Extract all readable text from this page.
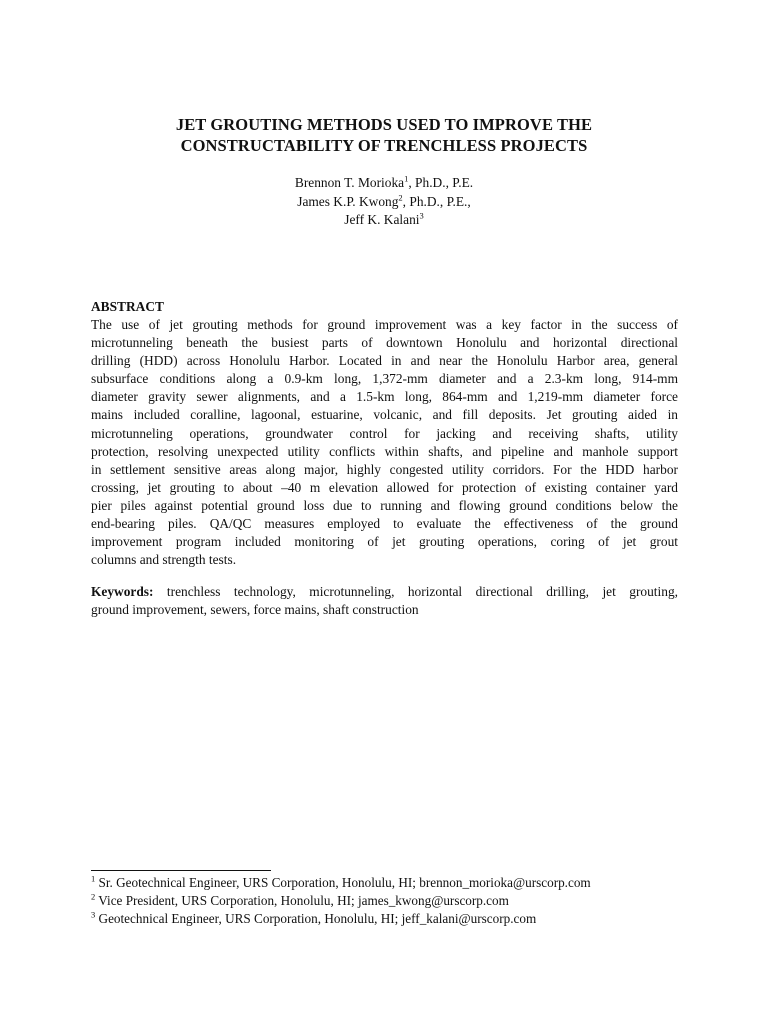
JET GROUTING METHODS USED TO IMPROVE THE
CONSTRUCTABILITY OF TRENCHLESS PROJECTS
Brennon T. Morioka$^1$, Ph.D., P.E.
James K.P. Kwong$^2$, Ph.D., P.E.,
Jeff K. Kalani$^3$
ABSTRACT
The use of jet grouting methods for ground improvement was a key factor in the success of
microtunneling beneath the busiest parts of downtown Honolulu and horizontal directional
drilling (HDD) across Honolulu Harbor. Located in and near the Honolulu Harbor area, general
subsurface conditions along a 0.9-km long, 1,372-mm diameter and a 2.3-km long, 914-mm
diameter gravity sewer alignments, and a 1.5-km long, 864-mm and 1,219-mm diameter force
mains included coralline, lagoonal, estuarine, volcanic, and fill deposits. Jet grouting aided in
microtunneling operations, groundwater control for jacking and receiving shafts, utility
protection, resolving unexpected utility conflicts within shafts, and pipeline and manhole support
in settlement sensitive areas along major, highly congested utility corridors. For the HDD harbor
crossing, jet grouting to about –40 m elevation allowed for protection of existing container yard
pier piles against potential ground loss due to running and flowing ground conditions below the
end-bearing piles. QA/QC measures employed to evaluate the effectiveness of the ground
improvement program included monitoring of jet grouting operations, coring of jet grout
columns and strength tests.
Keywords: trenchless technology, microtunneling, horizontal directional drilling, jet grouting,
ground improvement, sewers, force mains, shaft construction
$^1$ Sr. Geotechnical Engineer, URS Corporation, Honolulu, HI; brennon_morioka@urscorp.com
$^2$ Vice President, URS Corporation, Honolulu, HI; james_kwong@urscorp.com
$^3$ Geotechnical Engineer, URS Corporation, Honolulu, HI; jeff_kalani@urscorp.com
